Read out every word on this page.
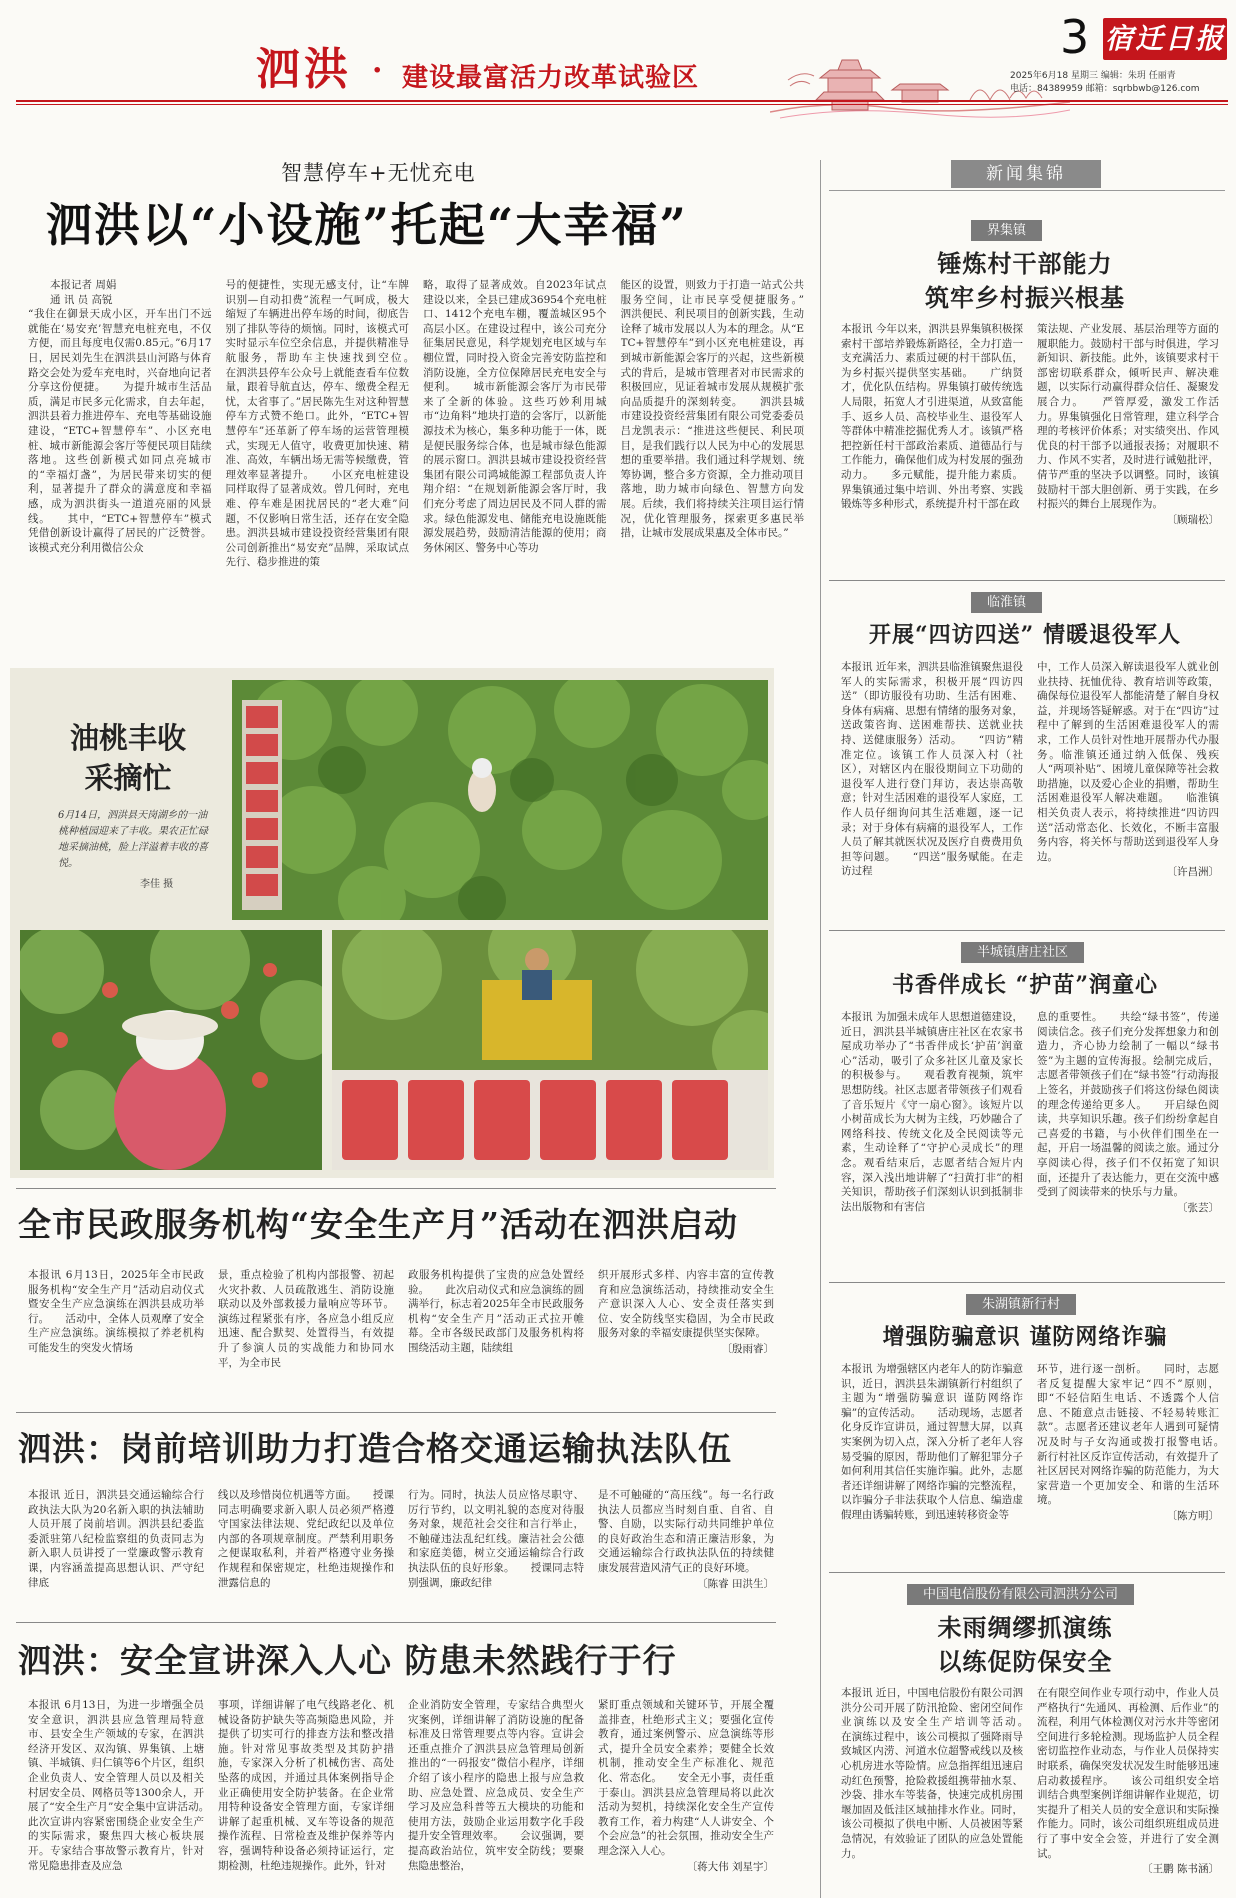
泗洪 · 建设最富活力改革试验区
3 宿迁日报
2025年6月18 星期三 编辑：朱玥 任丽青
电话：84389959 邮箱：sqrbbwb@126.com
智慧停车+无忧充电
泗洪以“小设施”托起“大幸福”
本报记者 周娟
通 讯 员 高锐
“我住在御景天成小区，开车出门不远就能在‘易安充’智慧充电桩充电，不仅方便，而且每度电仅需0.85元。”6月17日，居民刘先生在泗洪县山河路与体育路交会处为爱车充电时，兴奋地向记者分享这份便捷。　　为提升城市生活品质，满足市民多元化需求，自去年起，泗洪县着力推进停车、充电等基础设施建设，“ETC+智慧停车”、小区充电桩、城市新能源会客厅等便民项目陆续落地。这些创新模式如同点亮城市的“幸福灯盏”，为居民带来切实的便利，显著提升了群众的满意度和幸福感，成为泗洪街头一道道亮丽的风景线。　　其中，“ETC+智慧停车”模式凭借创新设计赢得了居民的广泛赞誉。该模式充分利用微信公众
号的便捷性，实现无感支付，让“车牌识别—自动扣费”流程一气呵成，极大缩短了车辆进出停车场的时间，彻底告别了排队等待的烦恼。同时，该模式可实时显示车位空余信息，并提供精准导航服务，帮助车主快速找到空位。　　在泗洪县停车公众号上就能查看车位数量，跟着导航直达，停车、缴费全程无忧，太省事了。”居民陈先生对这种智慧停车方式赞不绝口。此外，“ETC+智慧停车”还革新了停车场的运营管理模式，实现无人值守，收费更加快速、精准、高效，车辆出场无需等候缴费，管理效率显著提升。　　小区充电桩建设同样取得了显著成效。曾几何时，充电难、停车难是困扰居民的“老大难”问题，不仅影响日常生活，还存在安全隐患。泗洪县城市建设投资经营集团有限公司创新推出“易安充”品牌，采取试点先行、稳步推进的策
略，取得了显著成效。自2023年试点建设以来，全县已建成36954个充电桩口、1412个充电车棚，覆盖城区95个高层小区。在建设过程中，该公司充分征集居民意见，科学规划充电区域与车棚位置，同时投入资金完善安防监控和消防设施，全方位保障居民充电安全与便利。　　城市新能源会客厅为市民带来了全新的体验。这些巧妙利用城市“边角料”地块打造的会客厅，以新能源技术为核心，集多种功能于一体，既是便民服务综合体，也是城市绿色能源的展示窗口。泗洪县城市建设投资经营集团有限公司鸿城能源工程部负责人许翔介绍：“在规划新能源会客厅时，我们充分考虑了周边居民及不同人群的需求。绿色能源发电、储能充电设施既能源发展趋势，鼓励清洁能源的使用；商务休闲区、警务中心等功
能区的设置，则致力于打造一站式公共服务空间，让市民享受便捷服务。”　　泗洪便民、利民项目的创新实践，生动诠释了城市发展以人为本的理念。从“ETC+智慧停车”到小区充电桩建设，再到城市新能源会客厅的兴起，这些新模式的背后，是城市管理者对市民需求的积极回应，见证着城市发展从规模扩张向品质提升的深刻转变。　　泗洪县城市建设投资经营集团有限公司党委委员吕龙凯表示：“推进这些便民、利民项目，是我们践行以人民为中心的发展思想的重要举措。我们通过科学规划、统筹协调，整合多方资源，全力推动项目落地，助力城市向绿色、智慧方向发展。后续，我们将持续关注项目运行情况，优化管理服务，探索更多惠民举措，让城市发展成果惠及全体市民。”
油桃丰收
采摘忙
6月14日，泗洪县天岗湖乡的一油桃种植园迎来了丰收。果农正忙碌地采摘油桃，脸上洋溢着丰收的喜悦。
李佳 摄
全市民政服务机构“安全生产月”活动在泗洪启动
本报讯 6月13日，2025年全市民政服务机构“安全生产月”活动启动仪式暨安全生产应急演练在泗洪县成功举行。　　活动中，全体人员观摩了安全生产应急演练。演练模拟了养老机构可能发生的突发火情场
景，重点检验了机构内部报警、初起火灾扑救、人员疏散逃生、消防设施联动以及外部救援力量响应等环节。演练过程紧张有序，各应急小组反应迅速、配合默契、处置得当，有效提升了参演人员的实战能力和协同水平，为全市民
政服务机构提供了宝贵的应急处置经验。　　此次启动仪式和应急演练的圆满举行，标志着2025年全市民政服务机构“安全生产月”活动正式拉开帷幕。全市各级民政部门及服务机构将围绕活动主题，陆续组
织开展形式多样、内容丰富的宣传教育和应急演练活动，持续推动安全生产意识深入人心、安全责任落实到位、安全防线坚实稳固，为全市民政服务对象的幸福安康提供坚实保障。
〔殷雨睿〕
泗洪：岗前培训助力打造合格交通运输执法队伍
本报讯 近日，泗洪县交通运输综合行政执法大队为20名新入职的执法辅助人员开展了岗前培训。泗洪县纪委监委派驻第八纪检监察组的负责同志为新入职人员讲授了一堂廉政警示教育课，内容涵盖提高思想认识、严守纪律底
线以及珍惜岗位机遇等方面。　　授课同志明确要求新入职人员必须严格遵守国家法律法规、党纪政纪以及单位内部的各项规章制度。严禁利用职务之便谋取私利，并着严格遵守业务操作规程和保密规定，杜绝违规操作和泄露信息的
行为。同时，执法人员应恪尽职守、厉行节约，以文明礼貌的态度对待服务对象，规范社会交往和言行举止，不触碰违法乱纪红线。廉洁社会公德和家庭美德，树立交通运输综合行政执法队伍的良好形象。　　授课同志特别强调，廉政纪律
是不可触碰的“高压线”。每一名行政执法人员都应当时刻自重、自省、自警、自励，以实际行动共同维护单位的良好政治生态和清正廉洁形象，为交通运输综合行政执法队伍的持续健康发展营造风清气正的良好环境。
〔陈睿 田洪生〕
泗洪：安全宣讲深入人心 防患未然践行于行
本报讯 6月13日，为进一步增强全员安全意识，泗洪县应急管理局特意市、县安全生产领域的专家，在泗洪经济开发区、双沟镇、界集镇、上塘镇、半城镇、归仁镇等6个片区，组织企业负责人、安全管理人员以及相关村居安全员、网格员等1300余人，开展了“安全生产月”安全集中宣讲活动。　　此次宣讲内容紧密围绕企业安全生产的实际需求，聚焦四大核心板块展开。专家结合事故警示教育片，针对常见隐患排查及应急
事项，详细讲解了电气线路老化、机械设备防护缺失等高频隐患风险，并提供了切实可行的排查方法和整改措施。针对常见事故类型及其防护措施，专家深入分析了机械伤害、高处坠落的成因，并通过具体案例指导企业正确使用安全防护装备。在企业常用特种设备安全管理方面，专家详细讲解了起重机械、叉车等设备的规范操作流程、日常检查及维护保养等内容，强调特种设备必须持证运行，定期检测，杜绝违规操作。此外，针对
企业消防安全管理，专家结合典型火灾案例，详细讲解了消防设施的配备标准及日常管理要点等内容。宣讲会还重点推介了泗洪县应急管理局创新推出的“一码报安”微信小程序，详细介绍了该小程序的隐患上报与应急救助、应急处置、应急成员、安全生产学习及应急科普等五大模块的功能和使用方法，鼓励企业运用数字化手段提升安全管理效率。　　会议强调，要提高政治站位，筑牢安全防线；要聚焦隐患整治，
紧盯重点领域和关键环节，开展全覆盖排查，杜绝形式主义；要强化宣传教育，通过案例警示、应急演练等形式，提升全员安全素养；要健全长效机制，推动安全生产标准化、规范化、常态化。　　安全无小事，责任重于泰山。泗洪县应急管理局将以此次活动为契机，持续深化安全生产宣传教育工作，着力构建“人人讲安全、个个会应急”的社会氛围，推动安全生产理念深入人心。
〔蒋大伟 刘星宇〕
新闻集锦
界集镇
锤炼村干部能力
筑牢乡村振兴根基
本报讯 今年以来，泗洪县界集镇积极探索村干部培养锻炼新路径，全力打造一支充满活力、素质过硬的村干部队伍，为乡村振兴提供坚实基础。　　广纳贤才，优化队伍结构。界集镇打破传统选人局限，拓宽人才引进渠道，从致富能手、返乡人员、高校毕业生、退役军人等群体中精准挖掘优秀人才。该镇严格把控新任村干部政治素质、道德品行与工作能力，确保他们成为村发展的强劲动力。　　多元赋能，提升能力素质。界集镇通过集中培训、外出考察、实践锻炼等多种形式，系统提升村干部在政
策法规、产业发展、基层治理等方面的履职能力。鼓励村干部与时俱进，学习新知识、新技能。此外，该镇要求村干部密切联系群众，倾听民声、解决难题，以实际行动赢得群众信任、凝聚发展合力。　　严管厚爱，激发工作活力。界集镇强化日常管理，建立科学合理的考核评价体系；对实绩突出、作风优良的村干部予以通报表扬；对履职不力、作风不实者，及时进行诫勉批评，倩节严重的坚决予以调整。同时，该镇鼓励村干部大胆创新、勇于实践，在乡村振兴的舞台上展现作为。
〔顾瑞松〕
临淮镇
开展“四访四送” 情暖退役军人
本报讯 近年来，泗洪县临淮镇聚焦退役军人的实际需求，积极开展“四访四送”（即访服役有功助、生活有困难、身体有病痛、思想有情绪的服务对象，送政策咨询、送困难帮扶、送就业扶持、送健康服务）活动。　　“四访”精准定位。该镇工作人员深入村（社区），对辖区内在服役期间立下功勋的退役军人进行登门拜访，表达崇高敬意；针对生活困难的退役军人家庭，工作人员仔细询问其生活难题，逐一记录；对于身体有病痛的退役军人，工作人员了解其就医状况及医疗自费费用负担等问题。　　“四送”服务赋能。在走访过程
中，工作人员深入解读退役军人就业创业扶持、抚恤优待、教育培训等政策，确保每位退役军人都能清楚了解自身权益，并现场答疑解惑。对于在“四访”过程中了解到的生活困难退役军人的需求，工作人员针对性地开展帮办代办服务。临淮镇还通过纳入低保、残疾人“两项补贴”、困境儿童保障等社会救助措施，以及爱心企业的捐赠，帮助生活困难退役军人解决难题。　　临淮镇相关负责人表示，将持续推进“四访四送”活动常态化、长效化，不断丰富服务内容，将关怀与帮助送到退役军人身边。
〔许昌洲〕
半城镇唐庄社区
书香伴成长 “护苗”润童心
本报讯 为加强未成年人思想道德建设，近日，泗洪县半城镇唐庄社区在农家书屋成功举办了“书香伴成长‘护苗’润童心”活动，吸引了众多社区儿童及家长的积极参与。　　观看教育视频，筑牢思想防线。社区志愿者带领孩子们观看了音乐短片《守一扇心窗》。该短片以小树苗成长为大树为主线，巧妙融合了网络科技、传统文化及全民阅读等元素，生动诠释了“守护心灵成长”的理念。观看结束后，志愿者结合短片内容，深入浅出地讲解了“扫黄打非”的相关知识，帮助孩子们深刻认识到抵制非法出版物和有害信
息的重要性。　　共绘“绿书签”，传递阅读信念。孩子们充分发挥想象力和创造力，齐心协力绘制了一幅以“绿书签”为主题的宣传海报。绘制完成后，志愿者带领孩子们在“绿书签”行动海报上签名，并鼓励孩子们将这份绿色阅读的理念传递给更多人。　　开启绿色阅读，共享知识乐趣。孩子们纷纷拿起自己喜爱的书籍，与小伙伴们围坐在一起，开启一场温馨的阅读之旅。通过分享阅读心得，孩子们不仅拓宽了知识面，还提升了表达能力，更在交流中感受到了阅读带来的快乐与力量。
〔张芸〕
朱湖镇新行村
增强防骗意识 谨防网络诈骗
本报讯 为增强辖区内老年人的防诈骗意识，近日，泗洪县朱湖镇新行村组织了主题为“增强防骗意识 谨防网络诈骗”的宣传活动。　　活动现场，志愿者化身反诈宣讲员，通过智慧大屏，以真实案例为切入点，深入分析了老年人容易受骗的原因，帮助他们了解犯罪分子如何利用其信任实施诈骗。此外，志愿者还详细讲解了网络诈骗的完整流程，以诈骗分子非法获取个人信息、编造虚假理由诱骗转账，到迅速转移资金等
环节，进行逐一剖析。　　同时，志愿者反复提醒大家牢记“四不”原则，即“不轻信陌生电话、不透露个人信息、不随意点击链接、不轻易转账汇款”。志愿者还建议老年人遇到可疑情况及时与子女沟通或拨打报警电话。　　新行村社区反诈宣传活动，有效提升了社区居民对网络诈骗的防范能力，为大家营造一个更加安全、和谐的生活环境。
〔陈方明〕
中国电信股份有限公司泗洪分公司
未雨绸缪抓演练
以练促防保安全
本报讯 近日，中国电信股份有限公司泗洪分公司开展了防汛抢险、密闭空间作业演练以及安全生产培训等活动。　　在演练过程中，该公司模拟了强降雨导致城区内涝、河道水位超警戒线以及核心机房进水等险情。应急指挥组迅速启动红色预警，抢险救援组携带抽水泵、沙袋、排水车等装备，快速完成机房围堰加固及低洼区域抽排水作业。同时，该公司模拟了供电中断、人员被困等紧急情况，有效验证了团队的应急处置能力。
在有限空间作业专项行动中，作业人员严格执行“先通风、再检测、后作业”的流程，利用气体检测仪对污水井等密闭空间进行多轮检测。现场监护人员全程密切监控作业动态，与作业人员保持实时联系，确保突发状况发生时能够迅速启动救援程序。　　该公司组织安全培训结合典型案例详细讲解作业规范，切实提升了相关人员的安全意识和实际操作能力。同时，该公司组织班组成员进行了事中安全会签，并进行了安全测试。
〔王鹏 陈书涵〕
